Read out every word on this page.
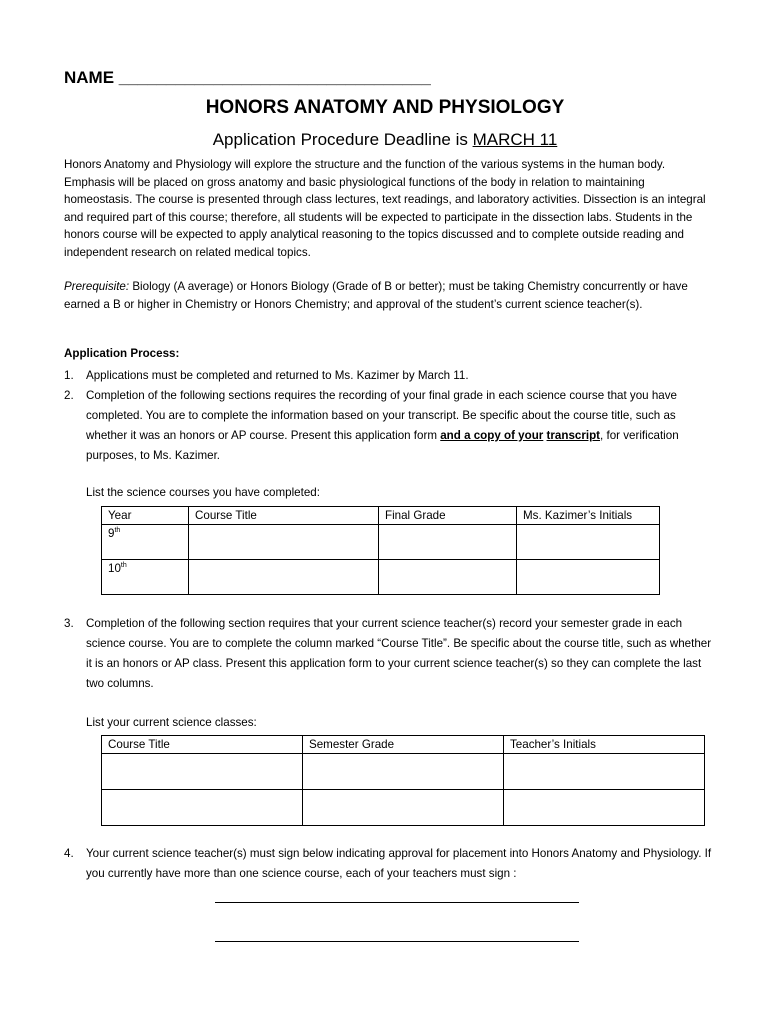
NAME _________________________________
HONORS ANATOMY AND PHYSIOLOGY
Application Procedure Deadline is MARCH 11
Honors Anatomy and Physiology will explore the structure and the function of the various systems in the human body. Emphasis will be placed on gross anatomy and basic physiological functions of the body in relation to maintaining homeostasis. The course is presented through class lectures, text readings, and laboratory activities. Dissection is an integral and required part of this course; therefore, all students will be expected to participate in the dissection labs. Students in the honors course will be expected to apply analytical reasoning to the topics discussed and to complete outside reading and independent research on related medical topics.
Prerequisite: Biology (A average) or Honors Biology (Grade of B or better); must be taking Chemistry concurrently or have earned a B or higher in Chemistry or Honors Chemistry; and approval of the student’s current science teacher(s).
Application Process:
1. Applications must be completed and returned to Ms. Kazimer by March 11.
2. Completion of the following sections requires the recording of your final grade in each science course that you have completed. You are to complete the information based on your transcript. Be specific about the course title, such as whether it was an honors or AP course. Present this application form and a copy of your transcript, for verification purposes, to Ms. Kazimer.
List the science courses you have completed:
Year	Course Title	Final Grade	Ms. Kazimer’s Initials
9th			
10th			
3. Completion of the following section requires that your current science teacher(s) record your semester grade in each science course. You are to complete the column marked “Course Title”. Be specific about the course title, such as whether it is an honors or AP class. Present this application form to your current science teacher(s) so they can complete the last two columns.
List your current science classes:
Course Title	Semester Grade	Teacher’s Initials

4. Your current science teacher(s) must sign below indicating approval for placement into Honors Anatomy and Physiology. If you currently have more than one science course, each of your teachers must sign :
